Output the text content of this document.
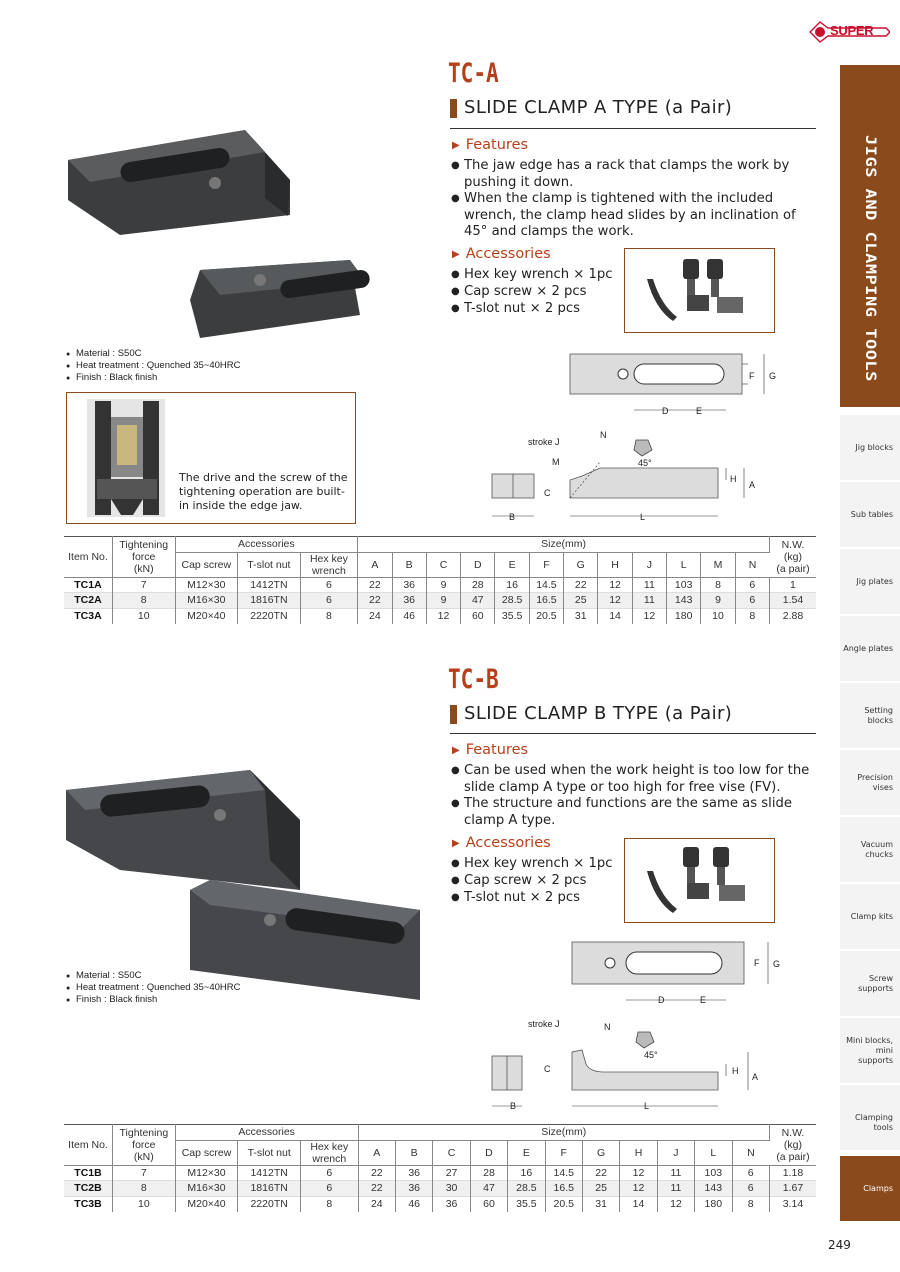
SUPER
JIGS AND CLAMPING TOOLS
Jig blocks
Sub tables
Jig plates
Angle plates
Setting blocks
Precision vises
Vacuum chucks
Clamp kits
Screw supports
Mini blocks, mini supports
Clamping tools
Clamps
TC-A
SLIDE CLAMP A TYPE (a Pair)
▶ Features
● The jaw edge has a rack that clamps the work by pushing it down.
● When the clamp is tightened with the included wrench, the clamp head slides by an inclination of 45° and clamps the work.
▶ Accessories
● Hex key wrench × 1pc
● Cap screw × 2 pcs
● T-slot nut × 2 pcs
● Material : S50C
● Heat treatment : Quenched 35~40HRC
● Finish : Black finish
The drive and the screw of the tightening operation are built-in inside the edge jaw.
F G
D	E
stroke J
N
45°
M
C
H
A
B	L
Item No.	Tightening force
(kN)	Accessories			Size(mm)												N.W.
(kg)
(a pair)
		Cap screw	T-slot nut	Hex key wrench	A	B	C	D	E	F	G	H	J	L	M	N	
TC1A	7	M12×30	1412TN	6	22	36	9	28	16	14.5	22	12	11	103	8	6	1
TC2A	8	M16×30	1816TN	6	22	36	9	47	28.5	16.5	25	12	11	143	9	6	1.54
TC3A	10	M20×40	2220TN	8	24	46	12	60	35.5	20.5	31	14	12	180	10	8	2.88
TC-B
SLIDE CLAMP B TYPE (a Pair)
▶ Features
● Can be used when the work height is too low for the slide clamp A type or too high for free vise (FV).
● The structure and functions are the same as slide clamp A type.
▶ Accessories
● Hex key wrench × 1pc
● Cap screw × 2 pcs
● T-slot nut × 2 pcs
● Material : S50C
● Heat treatment : Quenched 35~40HRC
● Finish : Black finish
F G
D	E
stroke J	N
45°
C	H
A
B	L
Item No.	Tightening force
(kN)	Accessories			Size(mm)											N.W.
(kg)
(a pair)
		Cap screw	T-slot nut	Hex key wrench	A	B	C	D	E	F	G	H	J	L	N	
TC1B	7	M12×30	1412TN	6	22	36	27	28	16	14.5	22	12	11	103	6	1.18
TC2B	8	M16×30	1816TN	6	22	36	30	47	28.5	16.5	25	12	11	143	6	1.67
TC3B	10	M20×40	2220TN	8	24	46	36	60	35.5	20.5	31	14	12	180	8	3.14
249
